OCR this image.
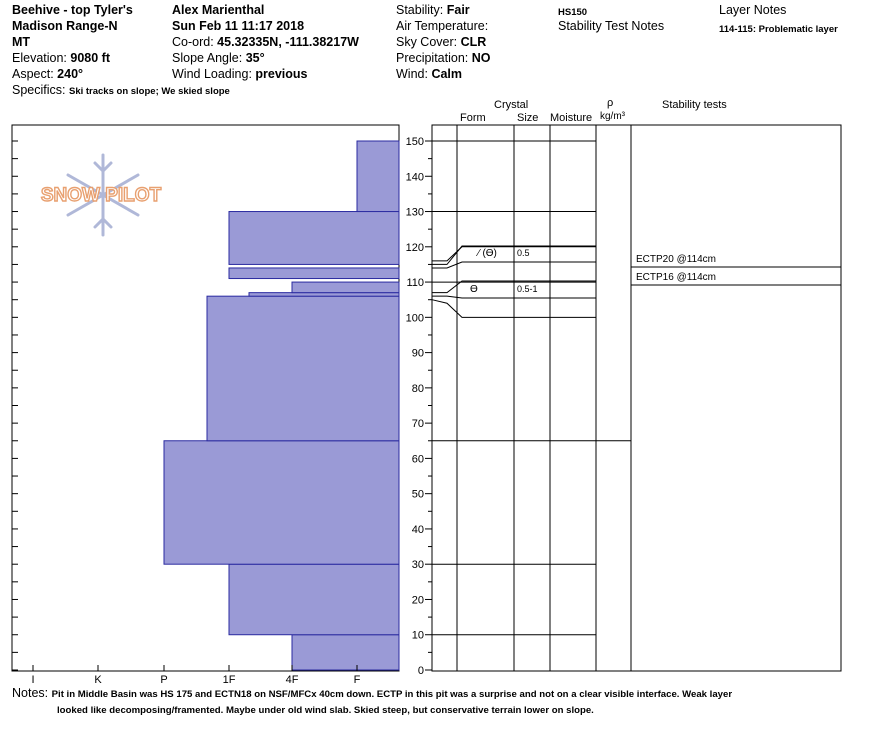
Beehive - top Tyler's
Madison Range-N
MT
Elevation: 9080 ft
Aspect: 240°
Specifics: Ski tracks on slope; We skied slope
Alex Marienthal
Sun Feb 11 11:17 2018
Co-ord: 45.32335N, -111.38217W
Slope Angle: 35°
Wind Loading: previous
Stability: Fair
Air Temperature:
Sky Cover: CLR
Precipitation: NO
Wind: Calm
HS150
Stability Test Notes
Layer Notes
114-115: Problematic layer
Crystal
Form	Size Moisture
ρ
kg/m³
Stability tests
SNOW PILOT
I	K	P	1F	4F	F
0
10
20
30
40
50
60
70
80
90
100
110
120
130
140
150
⁄ (ϴ) 0.5
ϴ	0.5-1
ECTP20 @114cm
ECTP16 @114cm
Notes: Pit in Middle Basin was HS 175 and ECTN18 on NSF/MFCx 40cm down. ECTP in this pit was a surprise and not on a clear visible interface. Weak layer
looked like decomposing/framented. Maybe under old wind slab. Skied steep, but conservative terrain lower on slope.
